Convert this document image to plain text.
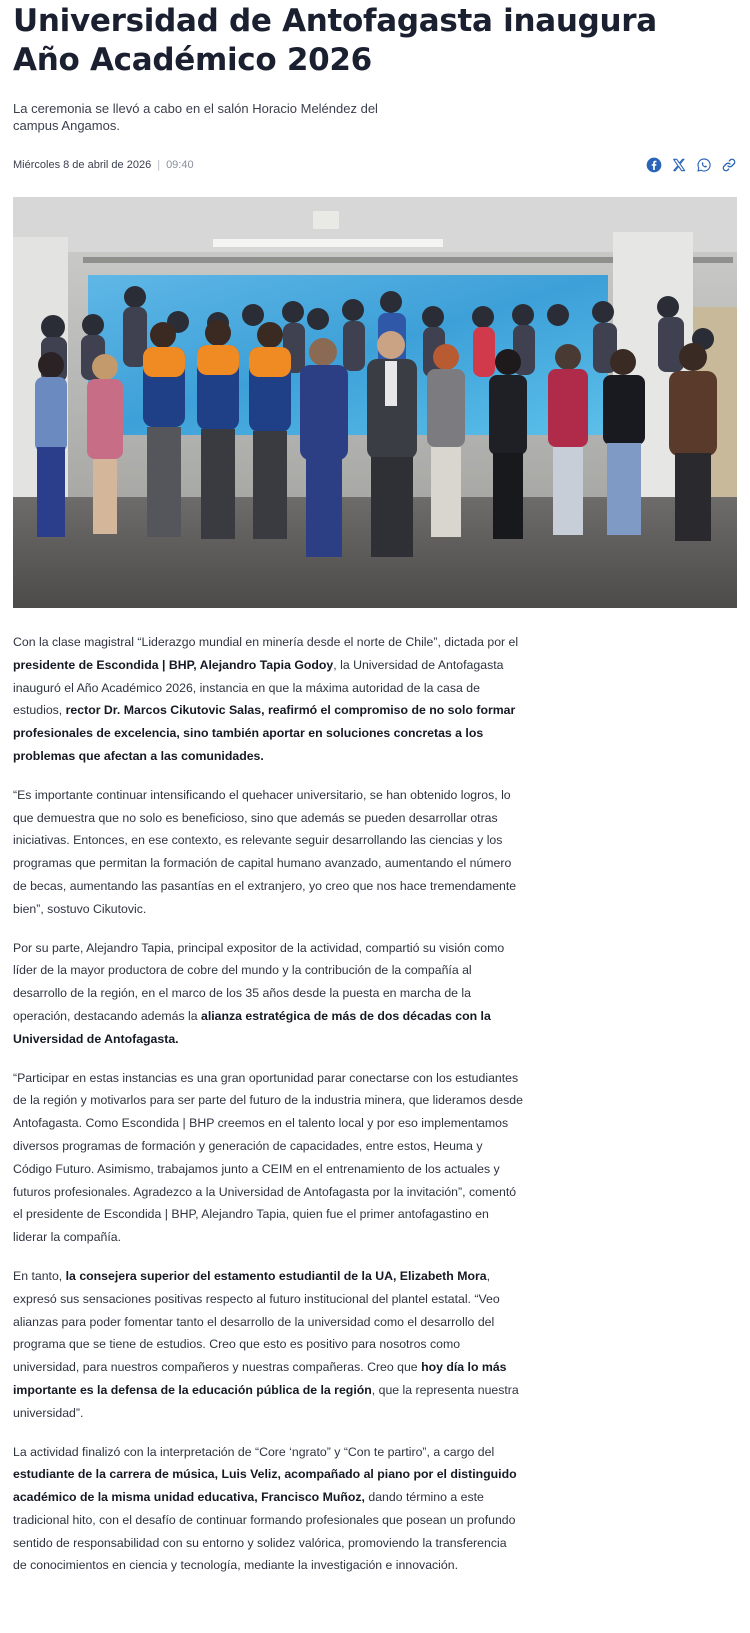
Universidad de Antofagasta inaugura Año Académico 2026

La ceremonia se llevó a cabo en el salón Horacio Meléndez del campus Angamos.

Miércoles 8 de abril de 2026 | 09:40

Con la clase magistral “Liderazgo mundial en minería desde el norte de Chile”, dictada por el presidente de Escondida | BHP, Alejandro Tapia Godoy, la Universidad de Antofagasta inauguró el Año Académico 2026, instancia en que la máxima autoridad de la casa de estudios, rector Dr. Marcos Cikutovic Salas, reafirmó el compromiso de no solo formar profesionales de excelencia, sino también aportar en soluciones concretas a los problemas que afectan a las comunidades.

“Es importante continuar intensificando el quehacer universitario, se han obtenido logros, lo que demuestra que no solo es beneficioso, sino que además se pueden desarrollar otras iniciativas. Entonces, en ese contexto, es relevante seguir desarrollando las ciencias y los programas que permitan la formación de capital humano avanzado, aumentando el número de becas, aumentando las pasantías en el extranjero, yo creo que nos hace tremendamente bien”, sostuvo Cikutovic.

Por su parte, Alejandro Tapia, principal expositor de la actividad, compartió su visión como líder de la mayor productora de cobre del mundo y la contribución de la compañía al desarrollo de la región, en el marco de los 35 años desde la puesta en marcha de la operación, destacando además la alianza estratégica de más de dos décadas con la Universidad de Antofagasta.

“Participar en estas instancias es una gran oportunidad parar conectarse con los estudiantes de la región y motivarlos para ser parte del futuro de la industria minera, que lideramos desde Antofagasta. Como Escondida | BHP creemos en el talento local y por eso implementamos diversos programas de formación y generación de capacidades, entre estos, Heuma y Código Futuro. Asimismo, trabajamos junto a CEIM en el entrenamiento de los actuales y futuros profesionales. Agradezco a la Universidad de Antofagasta por la invitación”, comentó el presidente de Escondida | BHP, Alejandro Tapia, quien fue el primer antofagastino en liderar la compañía.

En tanto, la consejera superior del estamento estudiantil de la UA, Elizabeth Mora, expresó sus sensaciones positivas respecto al futuro institucional del plantel estatal. “Veo alianzas para poder fomentar tanto el desarrollo de la universidad como el desarrollo del programa que se tiene de estudios. Creo que esto es positivo para nosotros como universidad, para nuestros compañeros y nuestras compañeras. Creo que hoy día lo más importante es la defensa de la educación pública de la región, que la representa nuestra universidad”.

La actividad finalizó con la interpretación de “Core ‘ngrato” y “Con te partiro”, a cargo del estudiante de la carrera de música, Luis Veliz, acompañado al piano por el distinguido académico de la misma unidad educativa, Francisco Muñoz, dando término a este tradicional hito, con el desafío de continuar formando profesionales que posean un profundo sentido de responsabilidad con su entorno y solidez valórica, promoviendo la transferencia de conocimientos en ciencia y tecnología, mediante la investigación e innovación.
